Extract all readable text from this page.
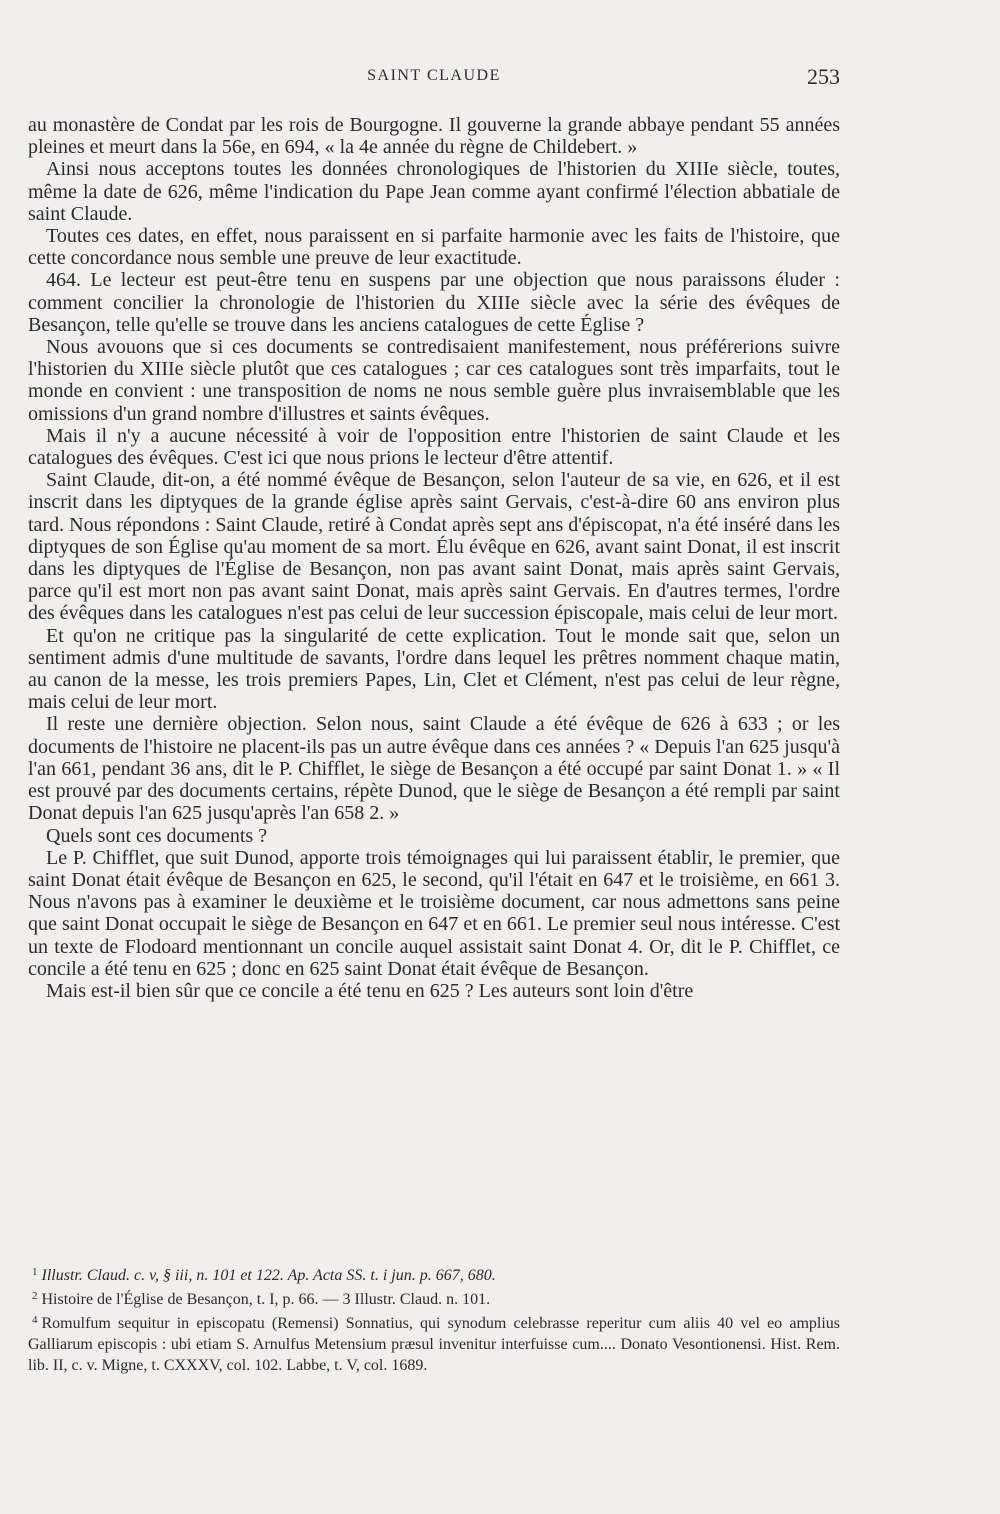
SAINT CLAUDE	253

au monastère de Condat par les rois de Bourgogne. Il gouverne la grande abbaye pendant 55 années pleines et meurt dans la 56e, en 694, « la 4e année du règne de Childebert. »

Ainsi nous acceptons toutes les données chronologiques de l'historien du XIIIe siècle, toutes, même la date de 626, même l'indication du Pape Jean comme ayant confirmé l'élection abbatiale de saint Claude.

Toutes ces dates, en effet, nous paraissent en si parfaite harmonie avec les faits de l'histoire, que cette concordance nous semble une preuve de leur exactitude.

464. Le lecteur est peut-être tenu en suspens par une objection que nous paraissons éluder : comment concilier la chronologie de l'historien du XIIIe siècle avec la série des évêques de Besançon, telle qu'elle se trouve dans les anciens catalogues de cette Église ?

Nous avouons que si ces documents se contredisaient manifestement, nous préférerions suivre l'historien du XIIIe siècle plutôt que ces catalogues ; car ces catalogues sont très imparfaits, tout le monde en convient : une transposition de noms ne nous semble guère plus invraisemblable que les omissions d'un grand nombre d'illustres et saints évêques.

Mais il n'y a aucune nécessité à voir de l'opposition entre l'historien de saint Claude et les catalogues des évêques. C'est ici que nous prions le lecteur d'être attentif.

Saint Claude, dit-on, a été nommé évêque de Besançon, selon l'auteur de sa vie, en 626, et il est inscrit dans les diptyques de la grande église après saint Gervais, c'est-à-dire 60 ans environ plus tard. Nous répondons : Saint Claude, retiré à Condat après sept ans d'épiscopat, n'a été inséré dans les diptyques de son Église qu'au moment de sa mort. Élu évêque en 626, avant saint Donat, il est inscrit dans les diptyques de l'Église de Besançon, non pas avant saint Donat, mais après saint Gervais, parce qu'il est mort non pas avant saint Donat, mais après saint Gervais. En d'autres termes, l'ordre des évêques dans les catalogues n'est pas celui de leur succession épiscopale, mais celui de leur mort.

Et qu'on ne critique pas la singularité de cette explication. Tout le monde sait que, selon un sentiment admis d'une multitude de savants, l'ordre dans lequel les prêtres nomment chaque matin, au canon de la messe, les trois premiers Papes, Lin, Clet et Clément, n'est pas celui de leur règne, mais celui de leur mort.

Il reste une dernière objection. Selon nous, saint Claude a été évêque de 626 à 633 ; or les documents de l'histoire ne placent-ils pas un autre évêque dans ces années ? « Depuis l'an 625 jusqu'à l'an 661, pendant 36 ans, dit le P. Chifflet, le siège de Besançon a été occupé par saint Donat 1. » « Il est prouvé par des documents certains, répète Dunod, que le siège de Besançon a été rempli par saint Donat depuis l'an 625 jusqu'après l'an 658 2. »

Quels sont ces documents ?

Le P. Chifflet, que suit Dunod, apporte trois témoignages qui lui paraissent établir, le premier, que saint Donat était évêque de Besançon en 625, le second, qu'il l'était en 647 et le troisième, en 661 3. Nous n'avons pas à examiner le deuxième et le troisième document, car nous admettons sans peine que saint Donat occupait le siège de Besançon en 647 et en 661. Le premier seul nous intéresse. C'est un texte de Flodoard mentionnant un concile auquel assistait saint Donat 4. Or, dit le P. Chifflet, ce concile a été tenu en 625 ; donc en 625 saint Donat était évêque de Besançon.

Mais est-il bien sûr que ce concile a été tenu en 625 ? Les auteurs sont loin d'être

$^1$ Illustr. Claud. c. v, § iii, n. 101 et 122. Ap. Acta SS. t. i jun. p. 667, 680.

$^2$ Histoire de l'Église de Besançon, t. I, p. 66. — 3 Illustr. Claud. n. 101.

$^4$ Romulfum sequitur in episcopatu (Remensi) Sonnatius, qui synodum celebrasse reperitur cum aliis 40 vel eo amplius Galliarum episcopis : ubi etiam S. Arnulfus Metensium præsul invenitur interfuisse cum.... Donato Vesontionensi. Hist. Rem. lib. II, c. v. Migne, t. CXXXV, col. 102. Labbe, t. V, col. 1689.
